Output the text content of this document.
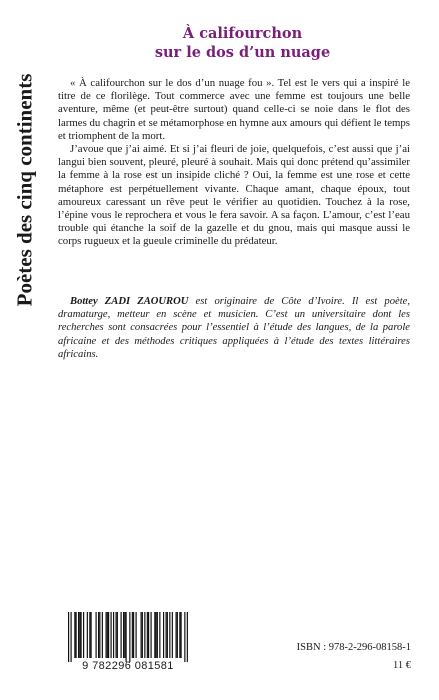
Poètes des cinq continents
À califourchon
sur le dos d’un nuage

« À califourchon sur le dos d’un nuage fou ». Tel est le vers qui a inspiré le titre de ce florilège. Tout commerce avec une femme est toujours une belle aventure, même (et peut-être surtout) quand celle-ci se noie dans le flot des larmes du chagrin et se métamorphose en hymne aux amours qui défient le temps et triomphent de la mort.

J’avoue que j’ai aimé. Et si j’ai fleuri de joie, quelquefois, c’est aussi que j’ai langui bien souvent, pleuré, pleuré à souhait. Mais qui donc prétend qu’assimiler la femme à la rose est un insipide cliché ? Oui, la femme est une rose et cette métaphore est perpétuellement vivante. Chaque amant, chaque époux, tout amoureux caressant un rêve peut le vérifier au quotidien. Touchez à la rose, l’épine vous le reprochera et vous le fera savoir. A sa façon. L’amour, c’est l’eau trouble qui étanche la soif de la gazelle et du gnou, mais qui masque aussi le corps rugueux et la gueule criminelle du prédateur.

Bottey ZADI ZAOUROU est originaire de Côte d’Ivoire. Il est poète, dramaturge, metteur en scène et musicien. C’est un universitaire dont les recherches sont consacrées pour l’essentiel à l’étude des langues, de la parole africaine et des méthodes critiques appliquées à l’étude des textes littéraires africains.
9 782296 081581
ISBN : 978-2-296-08158-1
11 €
